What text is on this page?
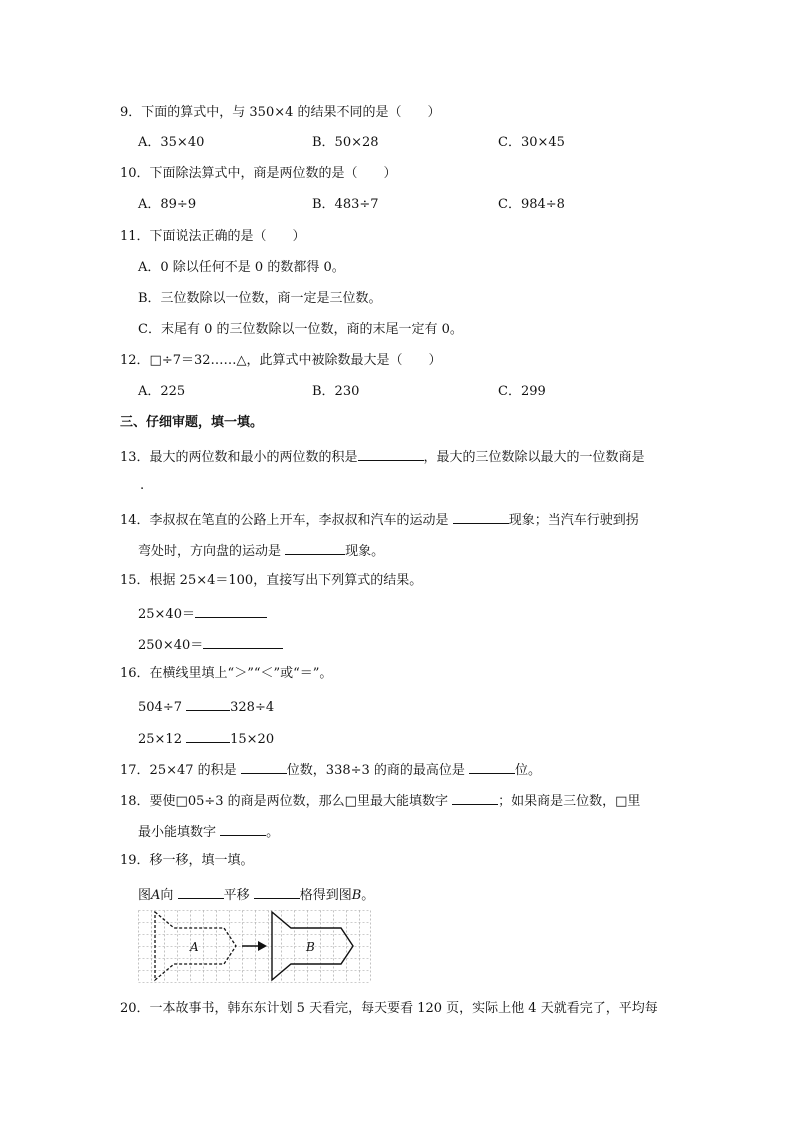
9．下面的算式中，与 350×4 的结果不同的是（　　）
A．35×40	B．50×28	C．30×45
10．下面除法算式中，商是两位数的是（　　）
A．89÷9	B．483÷7	C．984÷8
11．下面说法正确的是（　　）
A．0 除以任何不是 0 的数都得 0。
B．三位数除以一位数，商一定是三位数。
C．末尾有 0 的三位数除以一位数，商的末尾一定有 0。
12．□÷7＝32……△，此算式中被除数最大是（　　）
A．225	B．230	C．299
三、仔细审题，填一填。
13．最大的两位数和最小的两位数的积是	，最大的三位数除以最大的一位数商是
.
14．李叔叔在笔直的公路上开车，李叔叔和汽车的运动是	现象；当汽车行驶到拐
弯处时，方向盘的运动是	现象。
15．根据 25×4＝100，直接写出下列算式的结果。
25×40＝
250×40＝
16．在横线里填上“＞”“＜”或“＝”。
504÷7	328÷4
25×12	15×20
17．25×47 的积是	位数，338÷3 的商的最高位是	位。
18．要使□05÷3 的商是两位数，那么□里最大能填数字	；如果商是三位数，□里
最小能填数字	。
19．移一移，填一填。
图A向	平移	格得到图B。
A	B
20．一本故事书，韩东东计划 5 天看完，每天要看 120 页，实际上他 4 天就看完了，平均每
